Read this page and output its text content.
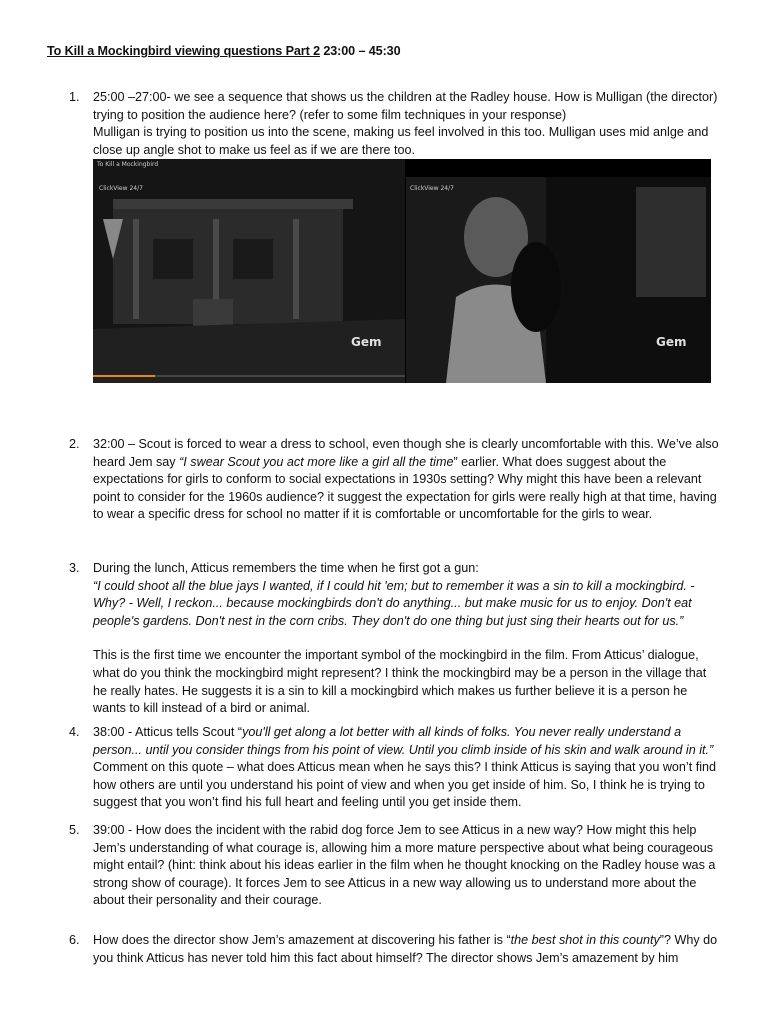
To Kill a Mockingbird viewing questions Part 2 23:00 – 45:30
1. 25:00 –27:00- we see a sequence that shows us the children at the Radley house. How is Mulligan (the director) trying to position the audience here? (refer to some film techniques in your response)

Mulligan is trying to position us into the scene, making us feel involved in this too. Mulligan uses mid anlge and close up angle shot to make us feel as if we are there too.

To Kill a Mockingbird
ClickView 24/7
Gem
ClickView 24/7
Gem
2. 32:00 – Scout is forced to wear a dress to school, even though she is clearly uncomfortable with this. We’ve also heard Jem say “I swear Scout you act more like a girl all the time” earlier. What does suggest about the expectations for girls to conform to social expectations in 1930s setting? Why might this have been a relevant point to consider for the 1960s audience? it suggest the expectation for girls were really high at that time, having to wear a specific dress for school no matter if it is comfortable or uncomfortable for the girls to wear.

3. During the lunch, Atticus remembers the time when he first got a gun:

“I could shoot all the blue jays I wanted, if I could hit 'em; but to remember it was a sin to kill a mockingbird. - Why? - Well, I reckon... because mockingbirds don't do anything... but make music for us to enjoy. Don't eat people's gardens. Don't nest in the corn cribs. They don't do one thing but just sing their hearts out for us.”

This is the first time we encounter the important symbol of the mockingbird in the film. From Atticus’ dialogue, what do you think the mockingbird might represent? I think the mockingbird may be a person in the village that he really hates. He suggests it is a sin to kill a mockingbird which makes us further believe it is a person he wants to kill instead of a bird or animal.

4. 38:00 - Atticus tells Scout “you'll get along a lot better with all kinds of folks. You never really understand a person... until you consider things from his point of view. Until you climb inside of his skin and walk around in it.” Comment on this quote – what does Atticus mean when he says this? I think Atticus is saying that you won’t find how others are until you understand his point of view and when you get inside of him. So, I think he is trying to suggest that you won’t find his full heart and feeling until you get inside them.

5. 39:00 - How does the incident with the rabid dog force Jem to see Atticus in a new way? How might this help Jem’s understanding of what courage is, allowing him a more mature perspective about what being courageous might entail? (hint: think about his ideas earlier in the film when he thought knocking on the Radley house was a strong show of courage). It forces Jem to see Atticus in a new way allowing us to understand more about the about their personality and their courage.

6. How does the director show Jem’s amazement at discovering his father is “the best shot in this county”? Why do you think Atticus has never told him this fact about himself? The director shows Jem’s amazement by him
